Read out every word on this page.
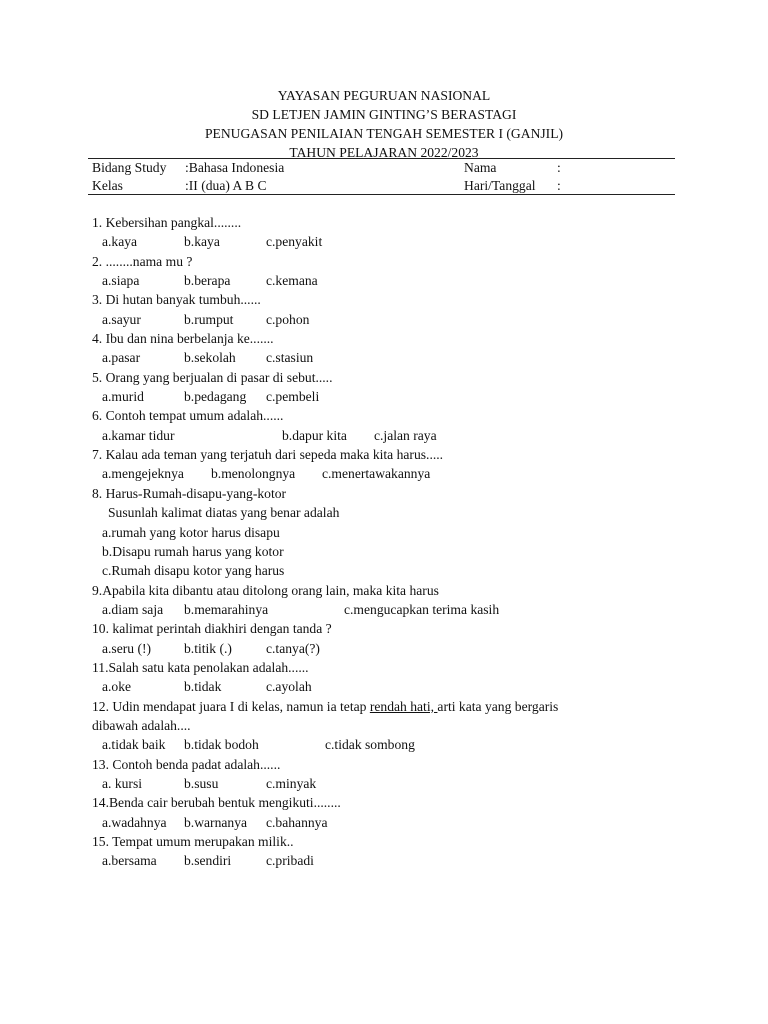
YAYASAN PEGURUAN NASIONAL
SD LETJEN JAMIN GINTING’S BERASTAGI
PENUGASAN PENILAIAN TENGAH SEMESTER I (GANJIL)
TAHUN PELAJARAN 2022/2023
Bidang Study :Bahasa Indonesia	Nama	:
Kelas	:II (dua) A B C	Hari/Tanggal :
1. Kebersihan pangkal........
a.kaya	b.kaya	c.penyakit
2. ........nama mu ?
a.siapa	b.berapa	c.kemana
3. Di hutan banyak tumbuh......
a.sayur	b.rumput c.pohon
4. Ibu dan nina berbelanja ke.......
a.pasar	b.sekolah c.stasiun
5. Orang yang berjualan di pasar di sebut.....
a.murid	b.pedagang c.pembeli
6. Contoh tempat umum adalah......
a.kamar tidur	b.dapur kita c.jalan raya
7. Kalau ada teman yang terjatuh dari sepeda maka kita harus.....
a.mengejeknya b.menolongnya c.menertawakannya
8. Harus-Rumah-disapu-yang-kotor
Susunlah kalimat diatas yang benar adalah
a.rumah yang kotor harus disapu
b.Disapu rumah harus yang kotor
c.Rumah disapu kotor yang harus
9.Apabila kita dibantu atau ditolong orang lain, maka kita harus
a.diam saja b.memarahinya	c.mengucapkan terima kasih
10. kalimat perintah diakhiri dengan tanda ?
a.seru (!) b.titik (.)	c.tanya(?)
11.Salah satu kata penolakan adalah......
a.oke	b.tidak	c.ayolah
12. Udin mendapat juara I di kelas, namun ia tetap rendah hati, arti kata yang bergaris
dibawah adalah....
a.tidak baik b.tidak bodoh	c.tidak sombong
13. Contoh benda padat adalah......
a. kursi	b.susu	c.minyak
14.Benda cair berubah bentuk mengikuti........
a.wadahnya b.warnanya c.bahannya
15. Tempat umum merupakan milik..
a.bersama b.sendiri	c.pribadi
